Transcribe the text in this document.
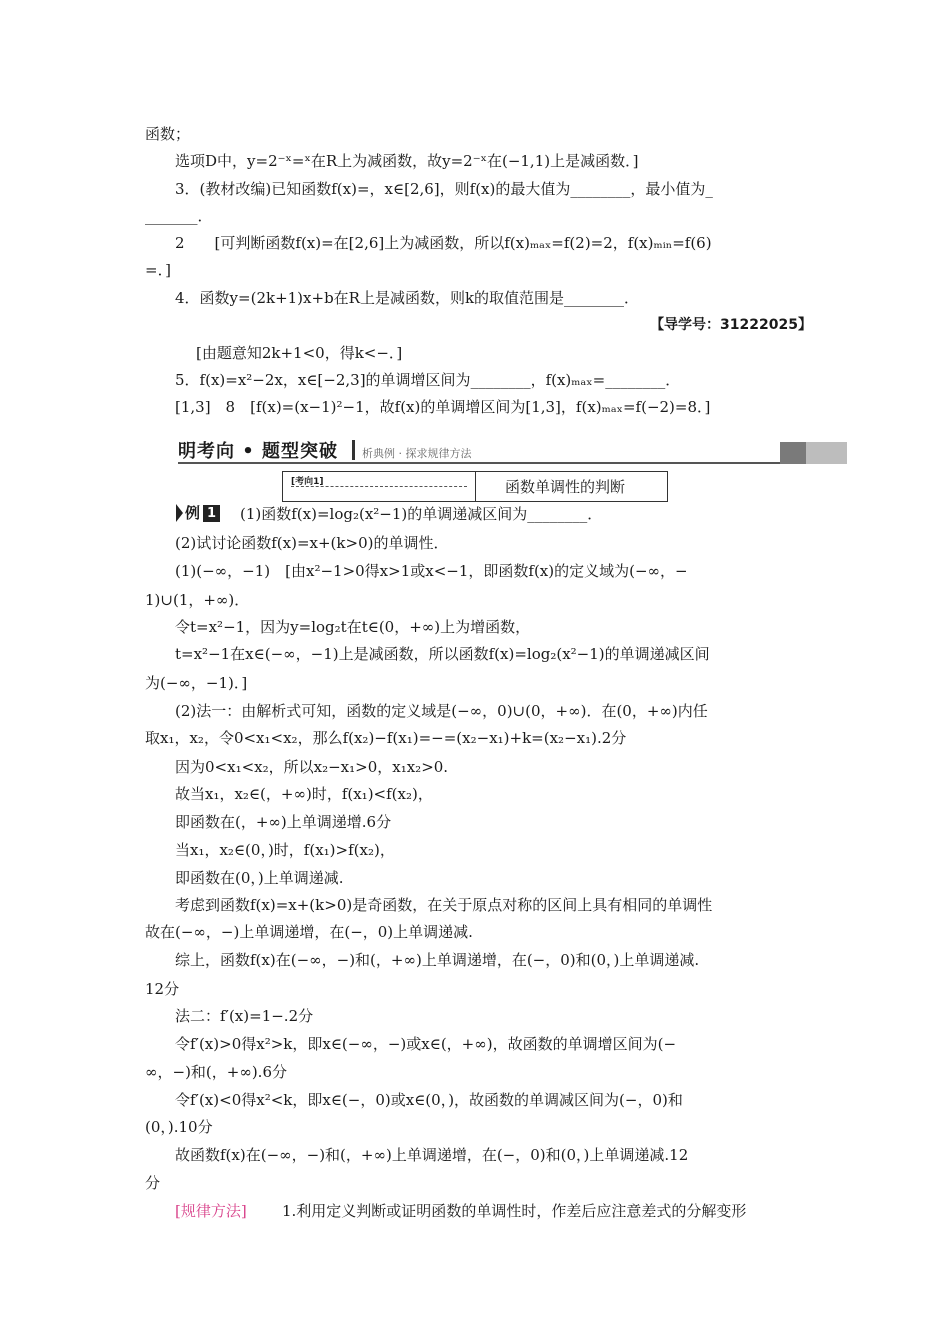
函数；
选项D中，y=2⁻ˣ=ˣ在R上为减函数，故y=2⁻ˣ在(−1,1)上是减函数．]
3．(教材改编)已知函数f(x)=，x∈[2,6]，则f(x)的最大值为________，最小值为_
_______．
2　　[可判断函数f(x)=在[2,6]上为减函数，所以f(x)ₘₐₓ=f(2)=2，f(x)ₘᵢₙ=f(6)
=．]
4．函数y=(2k+1)x+b在R上是减函数，则k的取值范围是________．
【导学号：31222025】
[由题意知2k+1<0，得k<−．]
5．f(x)=x²−2x，x∈[−2,3]的单调增区间为________，f(x)ₘₐₓ=________．
[1,3]　8　[f(x)=(x−1)²−1，故f(x)的单调增区间为[1,3]，f(x)ₘₐₓ=f(−2)=8．]
明考向 • 题型突破 析典例 · 探求规律方法
[考向1]	函数单调性的判断
例 1 (1)函数f(x)=log₂(x²−1)的单调递减区间为________．
(2)试讨论函数f(x)=x+(k>0)的单调性．
(1)(−∞，−1)　[由x²−1>0得x>1或x<−1，即函数f(x)的定义域为(−∞，−
1)∪(1，+∞)．
令t=x²−1，因为y=log₂t在t∈(0，+∞)上为增函数，
t=x²−1在x∈(−∞，−1)上是减函数，所以函数f(x)=log₂(x²−1)的单调递减区间
为(−∞，−1)．]
(2)法一：由解析式可知，函数的定义域是(−∞，0)∪(0，+∞)．在(0，+∞)内任
取x₁，x₂，令0<x₁<x₂，那么f(x₂)−f(x₁)=−=(x₂−x₁)+k=(x₂−x₁).2分
因为0<x₁<x₂，所以x₂−x₁>0，x₁x₂>0.
故当x₁，x₂∈(，+∞)时，f(x₁)<f(x₂)，
即函数在(，+∞)上单调递增.6分
当x₁，x₂∈(0，)时，f(x₁)>f(x₂)，
即函数在(0，)上单调递减.
考虑到函数f(x)=x+(k>0)是奇函数，在关于原点对称的区间上具有相同的单调性
故在(−∞，−)上单调递增，在(−，0)上单调递减.
综上，函数f(x)在(−∞，−)和(，+∞)上单调递增，在(−，0)和(0，)上单调递减.
12分
法二：f′(x)=1−.2分
令f′(x)>0得x²>k，即x∈(−∞，−)或x∈(，+∞)，故函数的单调增区间为(−
∞，−)和(，+∞).6分
令f′(x)<0得x²<k，即x∈(−，0)或x∈(0，)，故函数的单调减区间为(−，0)和
(0，).10分
故函数f(x)在(−∞，−)和(，+∞)上单调递增，在(−，0)和(0，)上单调递减.12
分
[规律方法] 1.利用定义判断或证明函数的单调性时，作差后应注意差式的分解变形
